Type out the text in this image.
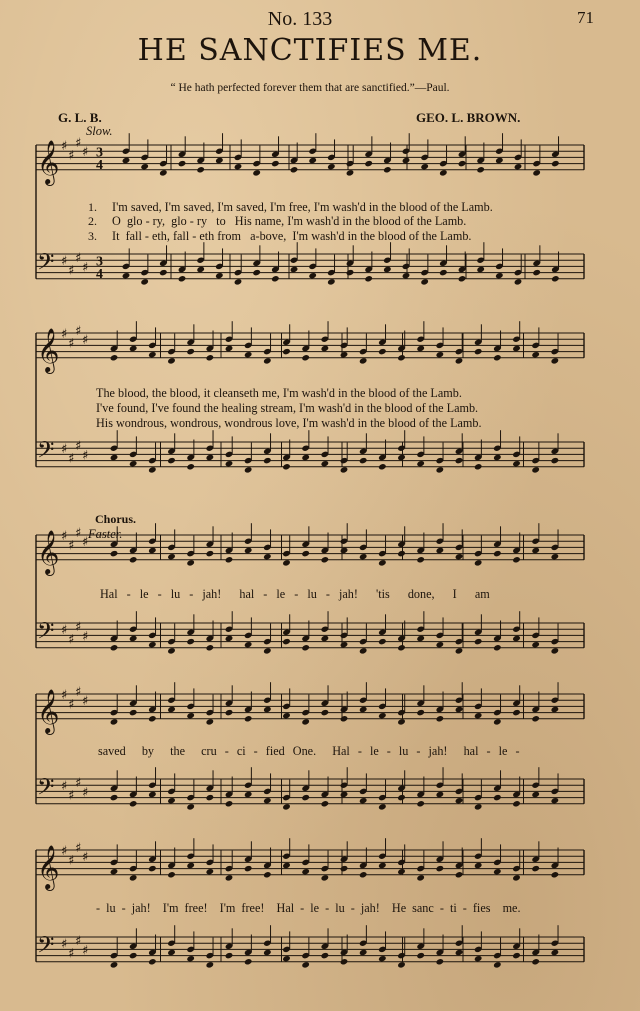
𝄞 ♯
♯
♯
♯
𝄢 ♯
♯
♯
♯
3
3
4
4
𝄞 ♯
♯
♯
♯
𝄢 ♯
♯
♯
♯
𝄞 ♯
♯
♯
♯
𝄢 ♯
♯
♯
♯
𝄞 ♯
♯
♯
♯
𝄢 ♯
♯
♯
♯
𝄞 ♯
♯
♯
♯
𝄢 ♯
♯
♯
♯
No. 133	71
HE SANCTIFIES ME.
“ He hath perfected forever them that are sanctified.”—Paul.
G. L. B.	GEO. L. BROWN.
Slow.
Chorus.
Faster.
1. I'm saved, I'm saved, I'm saved, I'm free, I'm wash'd in the blood of the Lamb.
2. O  glo - ry,  glo - ry   to   His name, I'm wash'd in the blood of the Lamb.
3. It  fall - eth, fall - eth from   a-bove,  I'm wash'd in the blood of the Lamb.
The blood, the blood, it cleanseth me, I'm wash'd in the blood of the Lamb.
I've found, I've found the healing stream, I'm wash'd in the blood of the Lamb.
His wondrous, wondrous, wondrous love, I'm wash'd in the blood of the Lamb.
Hal - le - lu - jah!  hal - le - lu - jah!  'tis  done,  I  am
saved  by  the  cru - ci - fied One.  Hal - le - lu - jah!  hal - le -
- lu - jah!  I'm free!  I'm free!  Hal - le - lu - jah!  He sanc - ti - fies  me.
